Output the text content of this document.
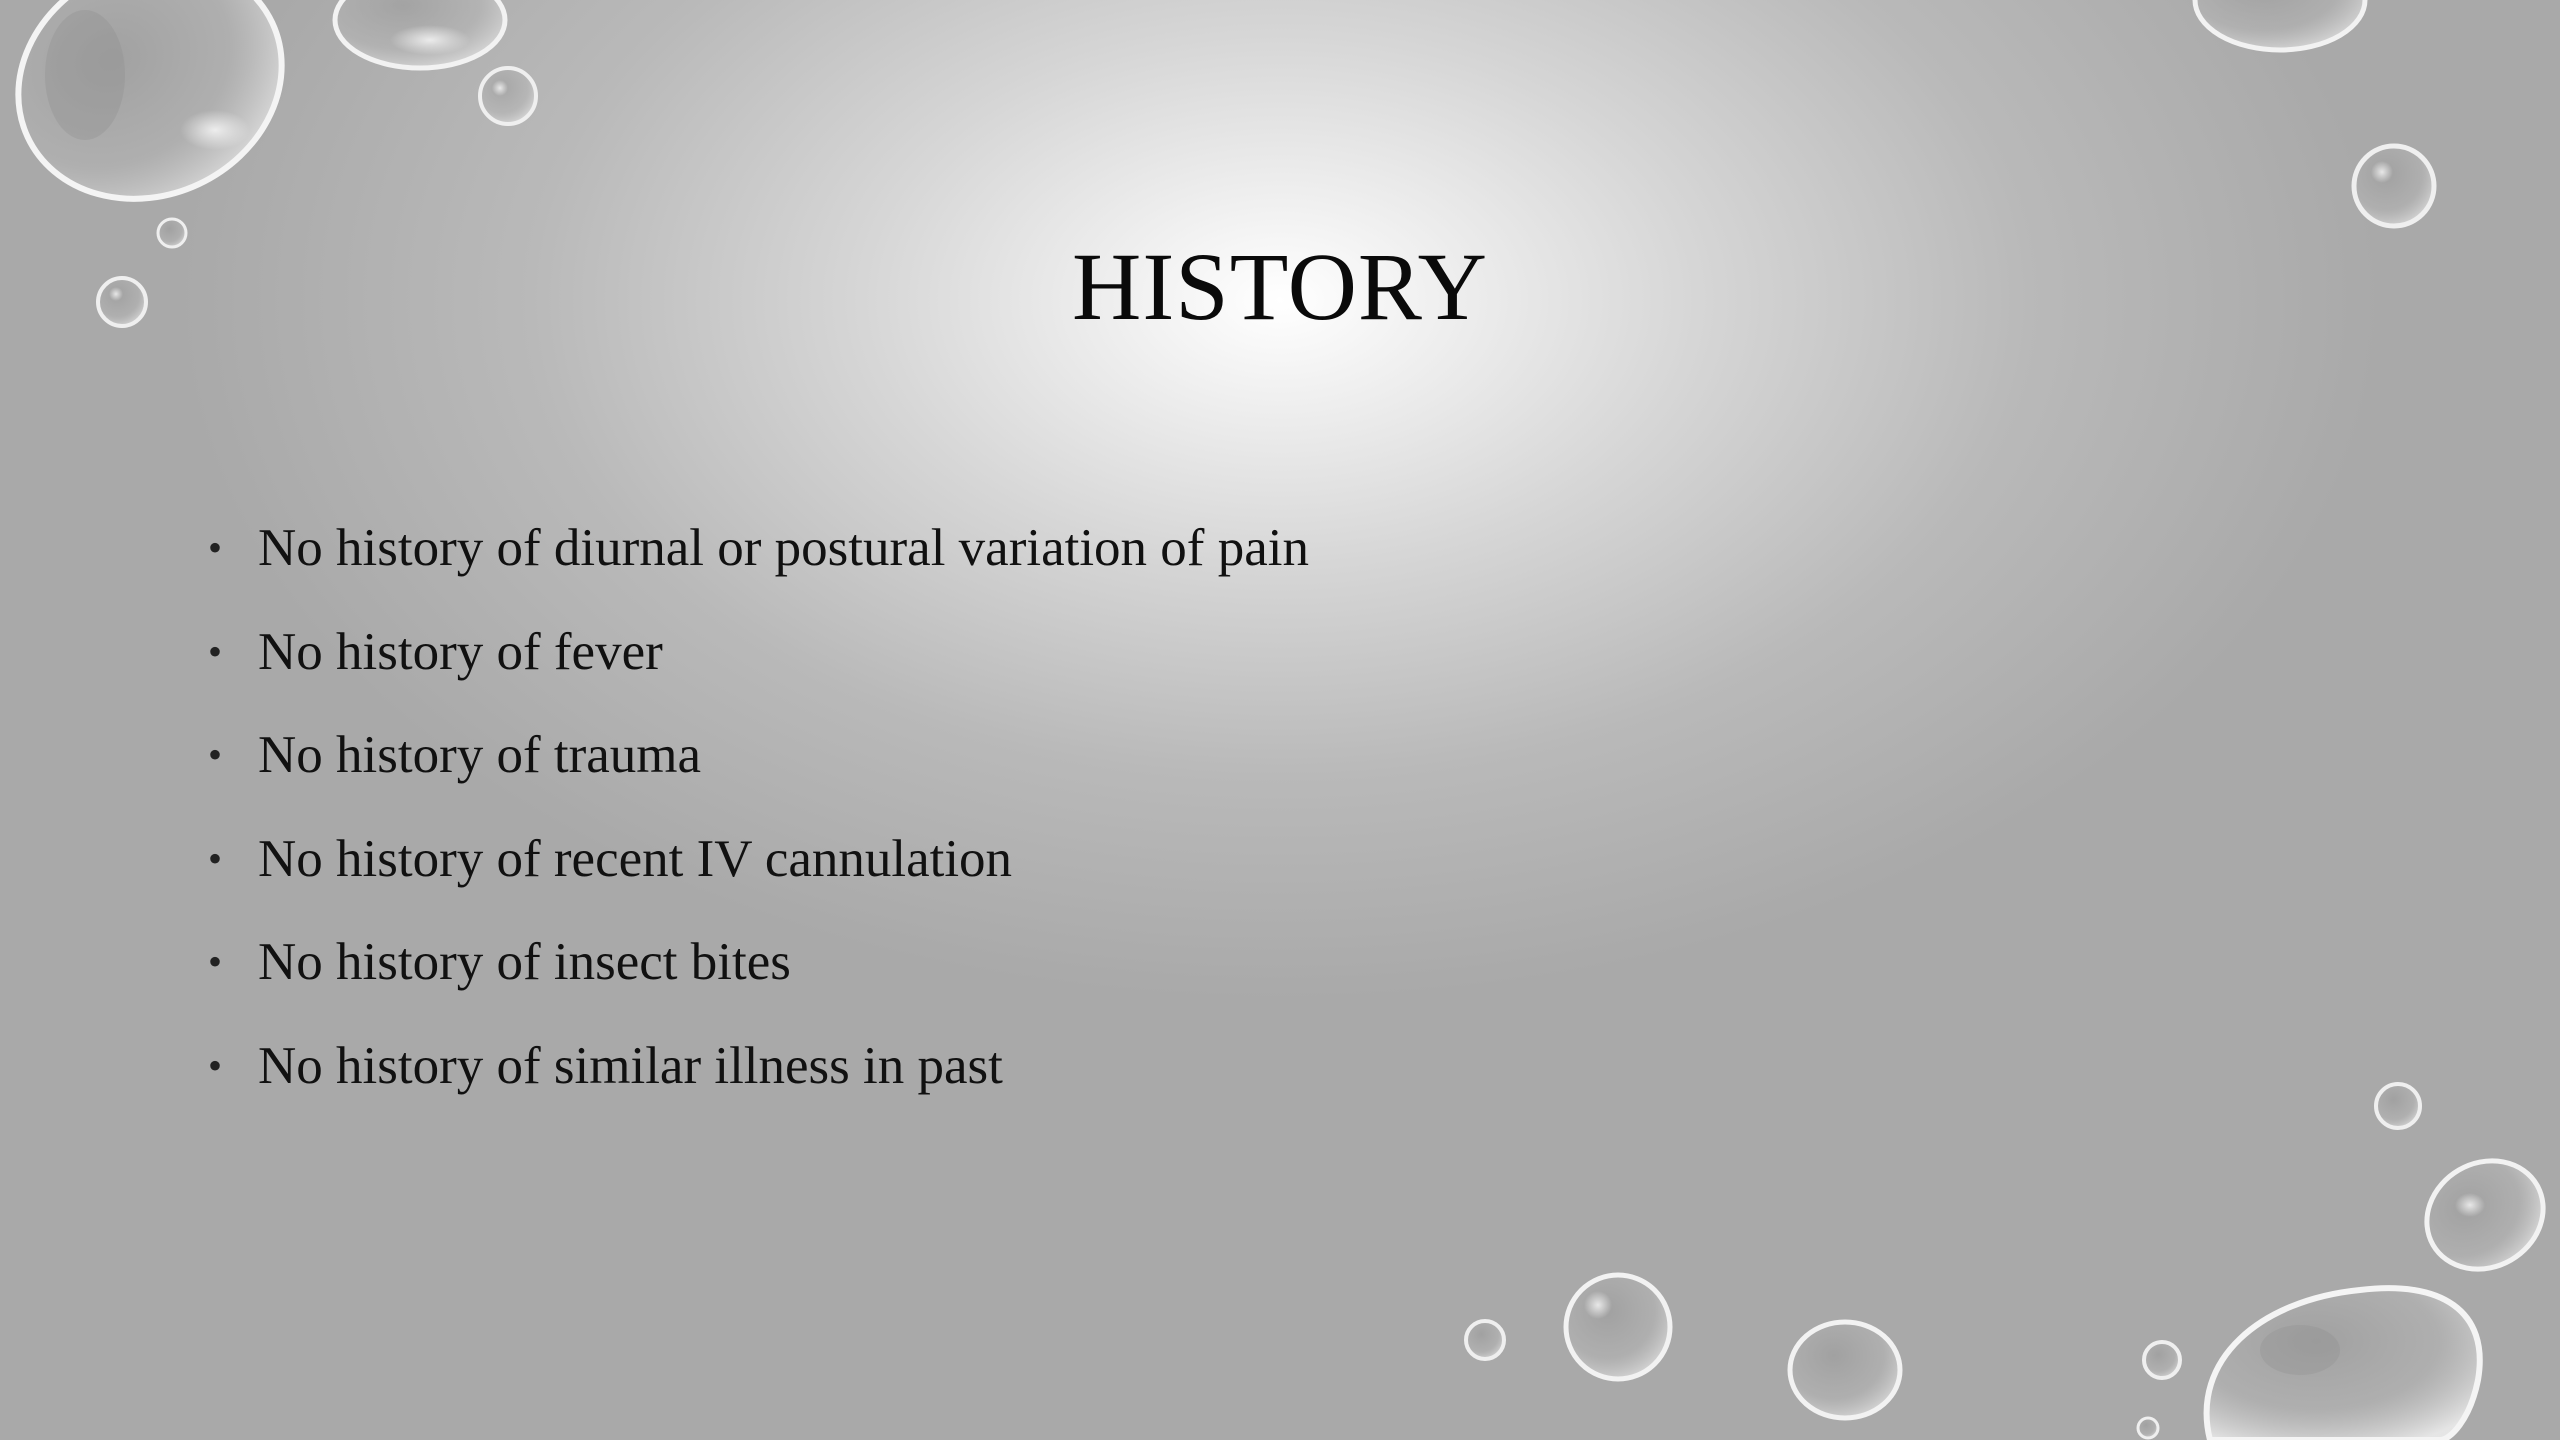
HISTORY
• No history of diurnal or postural variation of pain
• No history of fever
• No history of trauma
• No history of recent IV cannulation
• No history of insect bites
• No history of similar illness in past
